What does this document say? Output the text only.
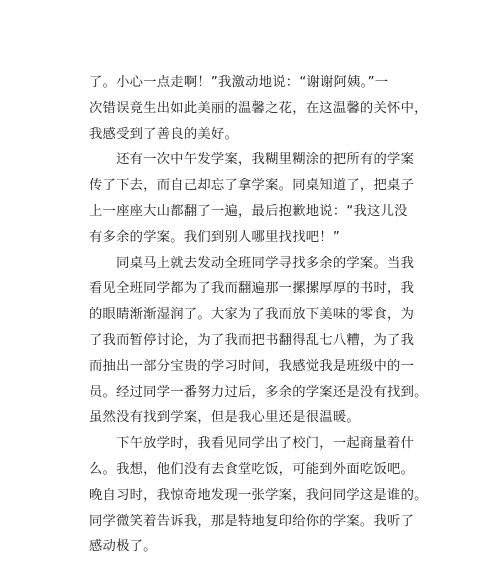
了。小心一点走啊！”我激动地说：“谢谢阿姨。”一
次错误竟生出如此美丽的温馨之花，在这温馨的关怀中，
我感受到了善良的美好。
　　还有一次中午发学案，我糊里糊涂的把所有的学案
传了下去，而自己却忘了拿学案。同桌知道了，把桌子
上一座座大山都翻了一遍，最后抱歉地说：“我这儿没
有多余的学案。我们到别人哪里找找吧！”
　　同桌马上就去发动全班同学寻找多余的学案。当我
看见全班同学都为了我而翻遍那一摞摞厚厚的书时，我
的眼睛渐渐湿润了。大家为了我而放下美味的零食，为
了我而暂停讨论，为了我而把书翻得乱七八糟，为了我
而抽出一部分宝贵的学习时间，我感觉我是班级中的一
员。经过同学一番努力过后，多余的学案还是没有找到。
虽然没有找到学案，但是我心里还是很温暖。
　　下午放学时，我看见同学出了校门，一起商量着什
么。我想，他们没有去食堂吃饭，可能到外面吃饭吧。
晚自习时，我惊奇地发现一张学案，我问同学这是谁的。
同学微笑着告诉我，那是特地复印给你的学案。我听了
感动极了。
